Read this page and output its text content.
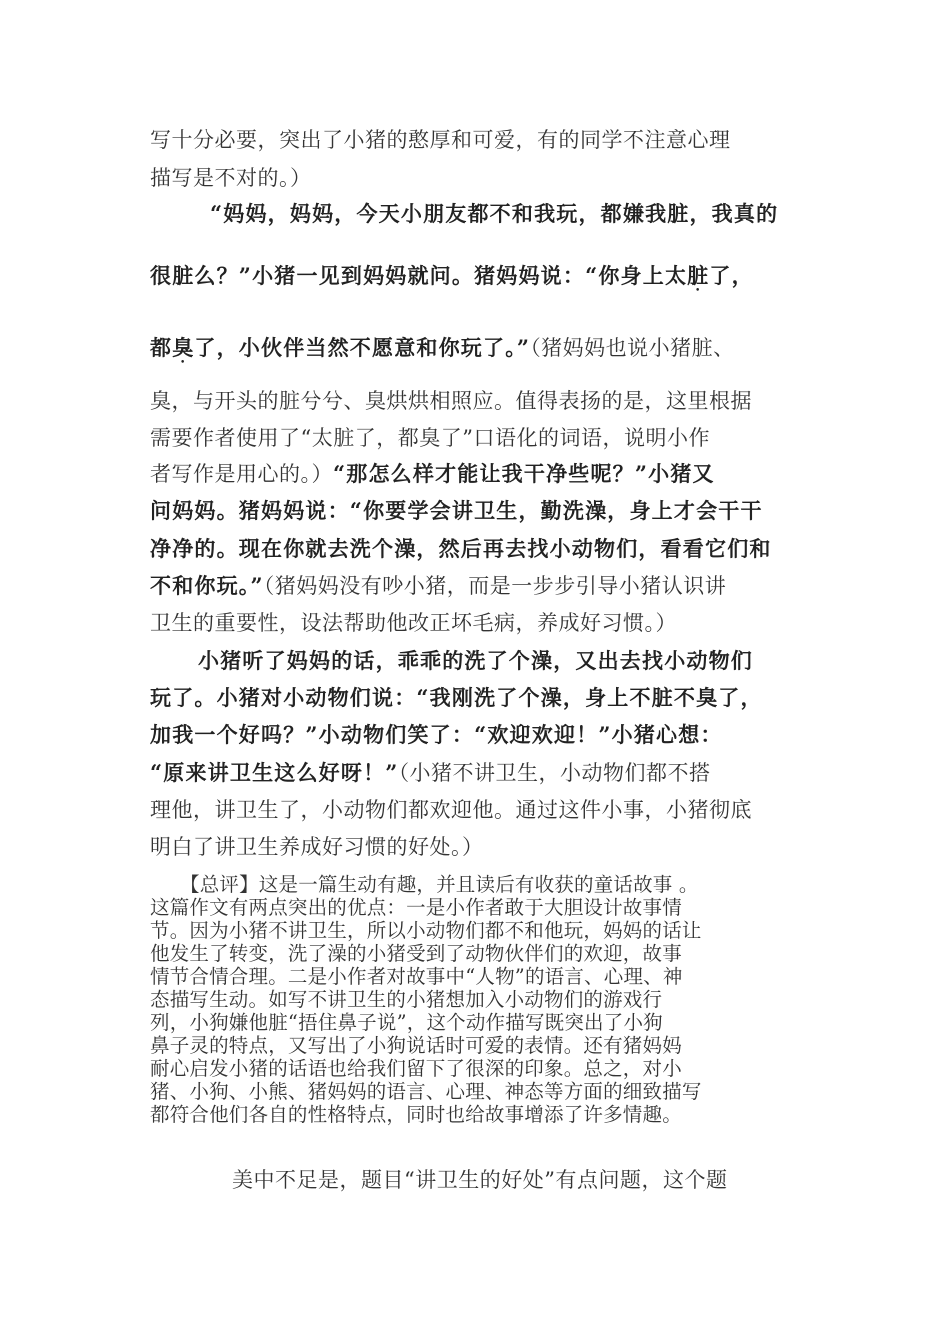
写十分必要，突出了小猪的憨厚和可爱，有的同学不注意心理
描写是不对的。）
“妈妈，妈妈，今天小朋友都不和我玩，都嫌我脏，我真的
很脏么？”小猪一见到妈妈就问。猪妈妈说：“你身上太脏了，
都臭了，小伙伴当然不愿意和你玩了。”（猪妈妈也说小猪脏、
臭，与开头的脏兮兮、臭烘烘相照应。值得表扬的是，这里根据
需要作者使用了“太脏了，都臭了”口语化的词语，说明小作
者写作是用心的。）“那怎么样才能让我干净些呢？”小猪又
问妈妈。猪妈妈说：“你要学会讲卫生，勤洗澡，身上才会干干
净净的。现在你就去洗个澡，然后再去找小动物们，看看它们和
不和你玩。”（猪妈妈没有吵小猪，而是一步步引导小猪认识讲
卫生的重要性，设法帮助他改正坏毛病，养成好习惯。）
小猪听了妈妈的话，乖乖的洗了个澡，又出去找小动物们
玩了。小猪对小动物们说：“我刚洗了个澡，身上不脏不臭了，
加我一个好吗？”小动物们笑了：“欢迎欢迎！”小猪心想：
“原来讲卫生这么好呀！”（小猪不讲卫生，小动物们都不搭
理他，讲卫生了，小动物们都欢迎他。通过这件小事，小猪彻底
明白了讲卫生养成好习惯的好处。）
【总评】这是一篇生动有趣，并且读后有收获的童话故事 。
这篇作文有两点突出的优点：一是小作者敢于大胆设计故事情
节。因为小猪不讲卫生，所以小动物们都不和他玩，妈妈的话让
他发生了转变，洗了澡的小猪受到了动物伙伴们的欢迎，故事
情节合情合理。二是小作者对故事中“人物”的语言、心理、神
态描写生动。如写不讲卫生的小猪想加入小动物们的游戏行
列，小狗嫌他脏“捂住鼻子说”，这个动作描写既突出了小狗
鼻子灵的特点，又写出了小狗说话时可爱的表情。还有猪妈妈
耐心启发小猪的话语也给我们留下了很深的印象。总之，对小
猪、小狗、小熊、猪妈妈的语言、心理、神态等方面的细致描写
都符合他们各自的性格特点，同时也给故事增添了许多情趣。
美中不足是，题目“讲卫生的好处”有点问题，这个题
